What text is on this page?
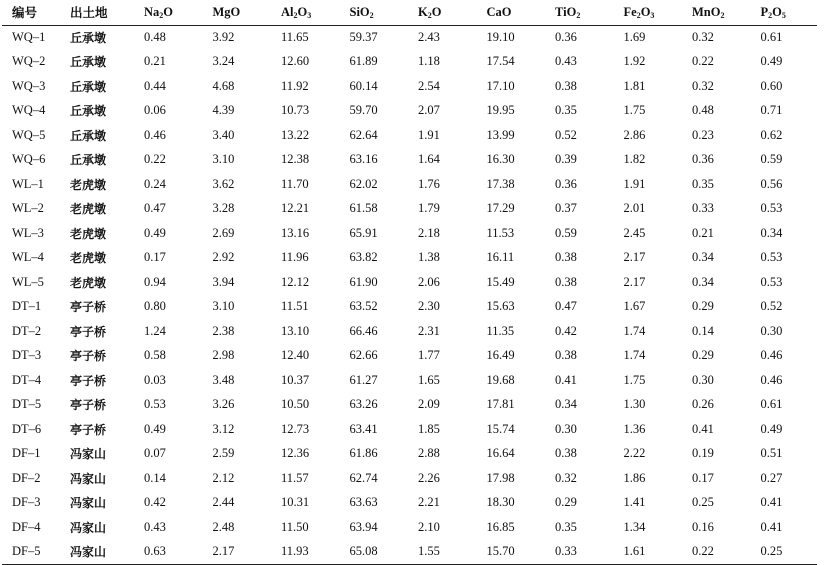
编号	出土地	$Na_2O$	MgO	$Al_2O_3$	SiO$_2$	$K_2O$	CaO	TiO$_2$	$Fe_2O_3$	MnO$_2$	$P_2O_5$
WQ–1	丘承墩	0.48	3.92	11.65	59.37	2.43	19.10	0.36	1.69	0.32	0.61
WQ–2	丘承墩	0.21	3.24	12.60	61.89	1.18	17.54	0.43	1.92	0.22	0.49
WQ–3	丘承墩	0.44	4.68	11.92	60.14	2.54	17.10	0.38	1.81	0.32	0.60
WQ–4	丘承墩	0.06	4.39	10.73	59.70	2.07	19.95	0.35	1.75	0.48	0.71
WQ–5	丘承墩	0.46	3.40	13.22	62.64	1.91	13.99	0.52	2.86	0.23	0.62
WQ–6	丘承墩	0.22	3.10	12.38	63.16	1.64	16.30	0.39	1.82	0.36	0.59
WL–1	老虎墩	0.24	3.62	11.70	62.02	1.76	17.38	0.36	1.91	0.35	0.56
WL–2	老虎墩	0.47	3.28	12.21	61.58	1.79	17.29	0.37	2.01	0.33	0.53
WL–3	老虎墩	0.49	2.69	13.16	65.91	2.18	11.53	0.59	2.45	0.21	0.34
WL–4	老虎墩	0.17	2.92	11.96	63.82	1.38	16.11	0.38	2.17	0.34	0.53
WL–5	老虎墩	0.94	3.94	12.12	61.90	2.06	15.49	0.38	2.17	0.34	0.53
DT–1	亭子桥	0.80	3.10	11.51	63.52	2.30	15.63	0.47	1.67	0.29	0.52
DT–2	亭子桥	1.24	2.38	13.10	66.46	2.31	11.35	0.42	1.74	0.14	0.30
DT–3	亭子桥	0.58	2.98	12.40	62.66	1.77	16.49	0.38	1.74	0.29	0.46
DT–4	亭子桥	0.03	3.48	10.37	61.27	1.65	19.68	0.41	1.75	0.30	0.46
DT–5	亭子桥	0.53	3.26	10.50	63.26	2.09	17.81	0.34	1.30	0.26	0.61
DT–6	亭子桥	0.49	3.12	12.73	63.41	1.85	15.74	0.30	1.36	0.41	0.49
DF–1	冯家山	0.07	2.59	12.36	61.86	2.88	16.64	0.38	2.22	0.19	0.51
DF–2	冯家山	0.14	2.12	11.57	62.74	2.26	17.98	0.32	1.86	0.17	0.27
DF–3	冯家山	0.42	2.44	10.31	63.63	2.21	18.30	0.29	1.41	0.25	0.41
DF–4	冯家山	0.43	2.48	11.50	63.94	2.10	16.85	0.35	1.34	0.16	0.41
DF–5	冯家山	0.63	2.17	11.93	65.08	1.55	15.70	0.33	1.61	0.22	0.25
